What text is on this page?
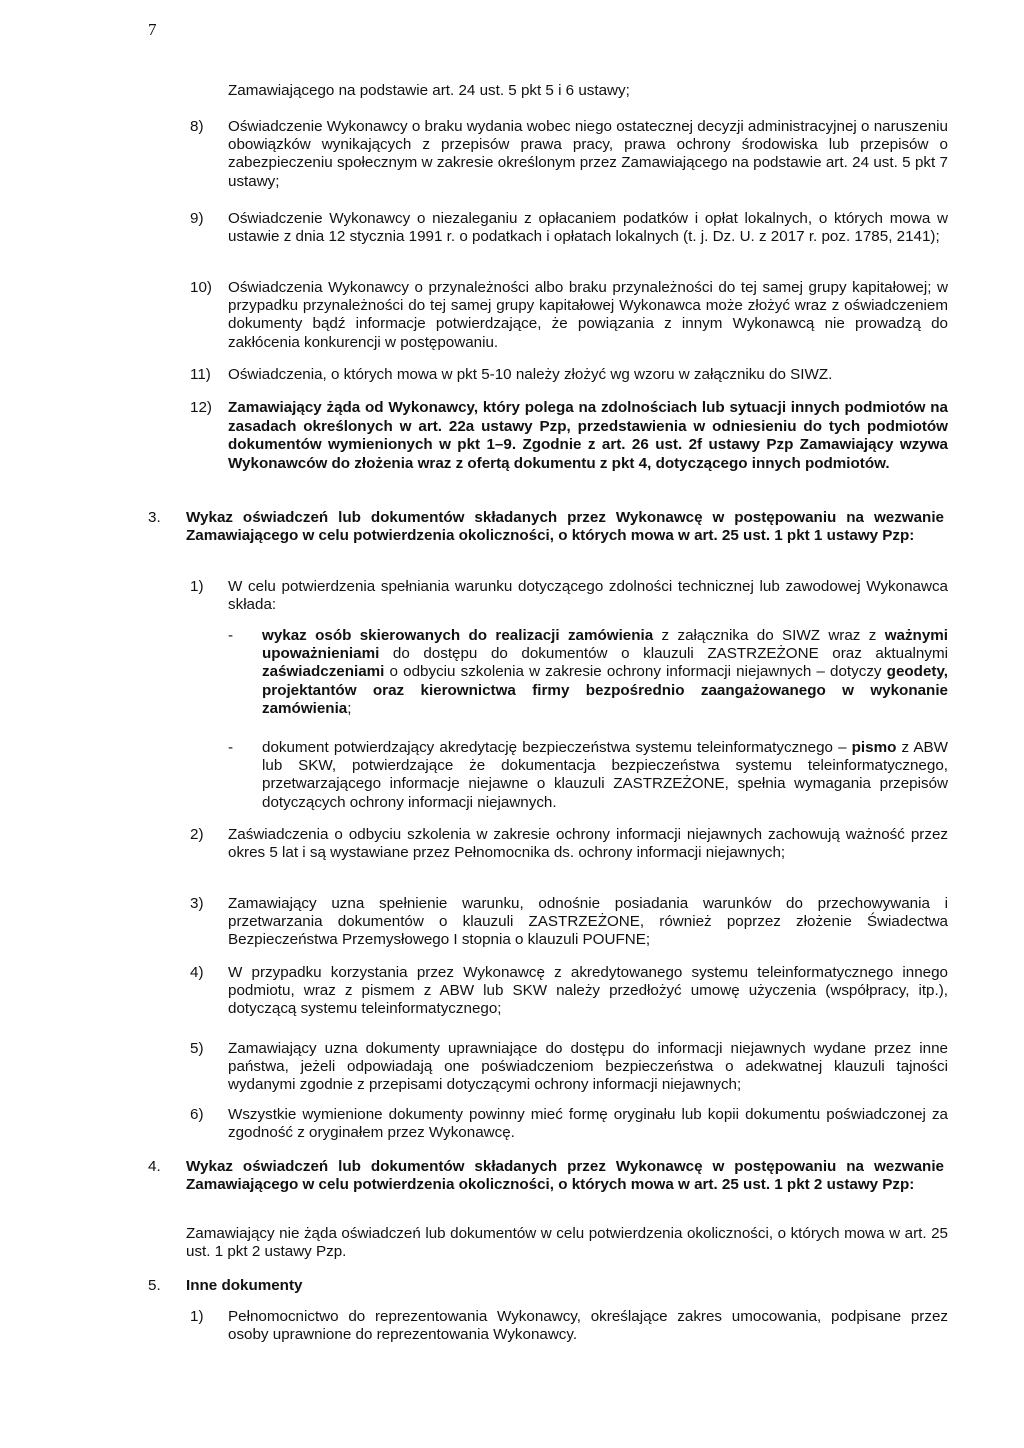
7

Zamawiającego na podstawie art. 24 ust. 5 pkt 5 i 6 ustawy;

8)	Oświadczenie Wykonawcy o braku wydania wobec niego ostatecznej decyzji administracyjnej o naruszeniu obowiązków wynikających z przepisów prawa pracy, prawa ochrony środowiska lub przepisów o zabezpieczeniu społecznym w zakresie określonym przez Zamawiającego na podstawie art. 24 ust. 5 pkt 7 ustawy;

9)	Oświadczenie Wykonawcy o niezaleganiu z opłacaniem podatków i opłat lokalnych, o których mowa w ustawie z dnia 12 stycznia 1991 r. o podatkach i opłatach lokalnych (t. j. Dz. U. z 2017 r. poz. 1785, 2141);

10)	Oświadczenia Wykonawcy o przynależności albo braku przynależności do tej samej grupy kapitałowej; w przypadku przynależności do tej samej grupy kapitałowej Wykonawca może złożyć wraz z oświadczeniem dokumenty bądź informacje potwierdzające, że powiązania z innym Wykonawcą nie prowadzą do zakłócenia konkurencji w postępowaniu.

11)	Oświadczenia, o których mowa w pkt 5-10 należy złożyć wg wzoru w załączniku do SIWZ.

12)	Zamawiający żąda od Wykonawcy, który polega na zdolnościach lub sytuacji innych podmiotów na zasadach określonych w art. 22a ustawy Pzp, przedstawienia w odniesieniu do tych podmiotów dokumentów wymienionych w pkt 1–9. Zgodnie z art. 26 ust. 2f ustawy Pzp Zamawiający wzywa Wykonawców do złożenia wraz z ofertą dokumentu z pkt 4, dotyczącego innych podmiotów.

3.	Wykaz oświadczeń lub dokumentów składanych przez Wykonawcę w postępowaniu na wezwanie Zamawiającego w celu potwierdzenia okoliczności, o których mowa w art. 25 ust. 1 pkt 1 ustawy Pzp:

1)	W celu potwierdzenia spełniania warunku dotyczącego zdolności technicznej lub zawodowej Wykonawca składa:

-	wykaz osób skierowanych do realizacji zamówienia z załącznika do SIWZ wraz z ważnymi upoważnieniami do dostępu do dokumentów o klauzuli ZASTRZEŻONE oraz aktualnymi zaświadczeniami o odbyciu szkolenia w zakresie ochrony informacji niejawnych – dotyczy geodety, projektantów oraz kierownictwa firmy bezpośrednio zaangażowanego w wykonanie zamówienia;

-	dokument potwierdzający akredytację bezpieczeństwa systemu teleinformatycznego – pismo z ABW lub SKW, potwierdzające że dokumentacja bezpieczeństwa systemu teleinformatycznego, przetwarzającego informacje niejawne o klauzuli ZASTRZEŻONE, spełnia wymagania przepisów dotyczących ochrony informacji niejawnych.

2)	Zaświadczenia o odbyciu szkolenia w zakresie ochrony informacji niejawnych zachowują ważność przez okres 5 lat i są wystawiane przez Pełnomocnika ds. ochrony informacji niejawnych;

3)	Zamawiający uzna spełnienie warunku, odnośnie posiadania warunków do przechowywania i przetwarzania dokumentów o klauzuli ZASTRZEŻONE, również poprzez złożenie Świadectwa Bezpieczeństwa Przemysłowego I stopnia o klauzuli POUFNE;

4)	W przypadku korzystania przez Wykonawcę z akredytowanego systemu teleinformatycznego innego podmiotu, wraz z pismem z ABW lub SKW należy przedłożyć umowę użyczenia (współpracy, itp.), dotyczącą systemu teleinformatycznego;

5)	Zamawiający uzna dokumenty uprawniające do dostępu do informacji niejawnych wydane przez inne państwa, jeżeli odpowiadają one poświadczeniom bezpieczeństwa o adekwatnej klauzuli tajności wydanymi zgodnie z przepisami dotyczącymi ochrony informacji niejawnych;

6)	Wszystkie wymienione dokumenty powinny mieć formę oryginału lub kopii dokumentu poświadczonej za zgodność z oryginałem przez Wykonawcę.

4.	Wykaz oświadczeń lub dokumentów składanych przez Wykonawcę w postępowaniu na wezwanie Zamawiającego w celu potwierdzenia okoliczności, o których mowa w art. 25 ust. 1 pkt 2 ustawy Pzp:

Zamawiający nie żąda oświadczeń lub dokumentów w celu potwierdzenia okoliczności, o których mowa w art. 25 ust. 1 pkt 2 ustawy Pzp.

5.	Inne dokumenty

1)	Pełnomocnictwo do reprezentowania Wykonawcy, określające zakres umocowania, podpisane przez osoby uprawnione do reprezentowania Wykonawcy.
